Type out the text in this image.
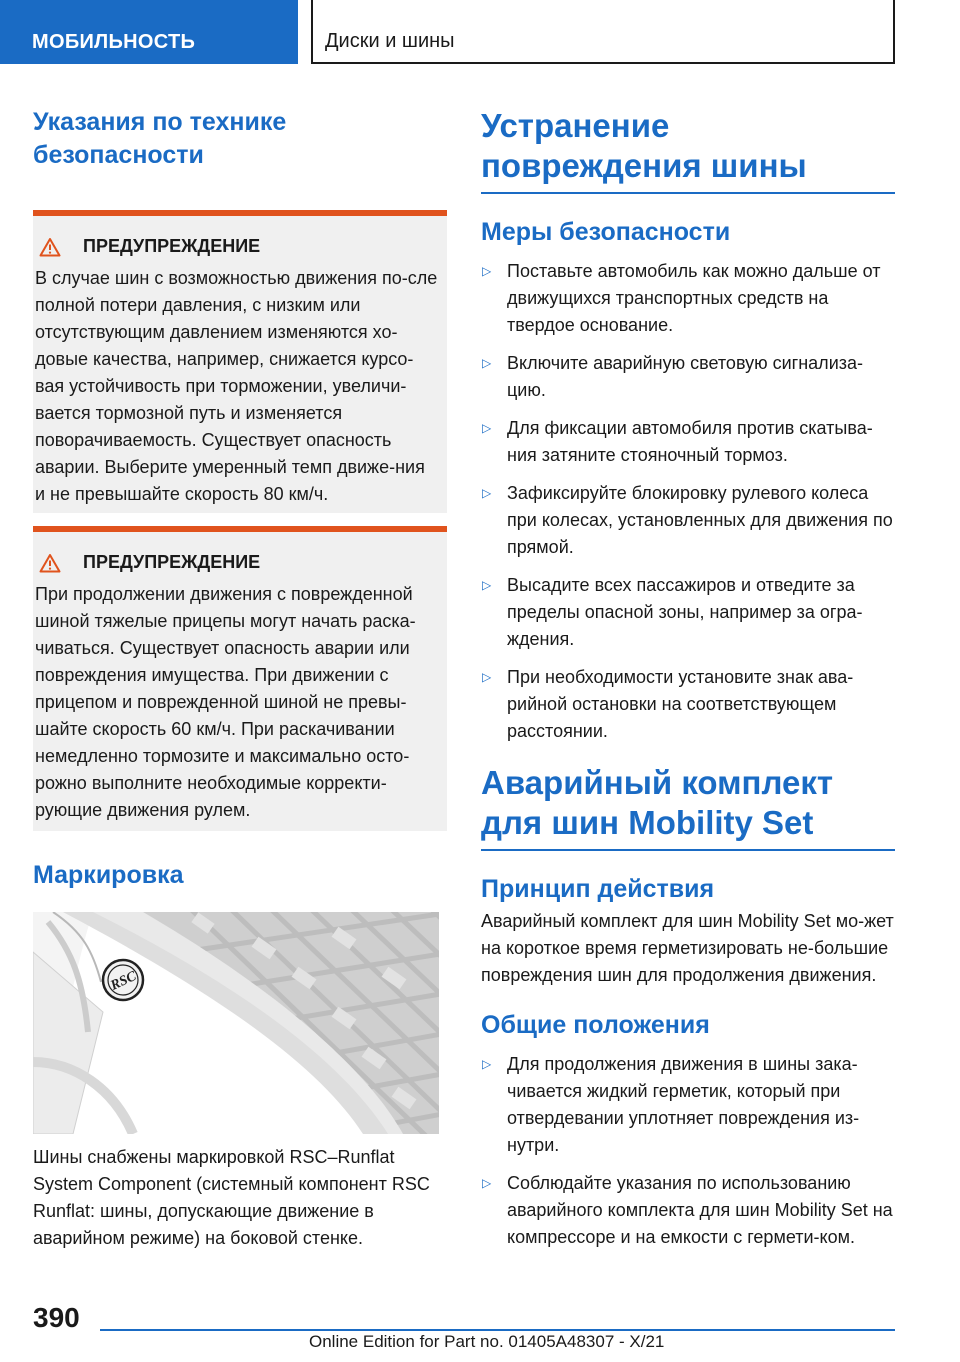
МОБИЛЬНОСТЬ	Диски и шины
Указания по технике безопасности
ПРЕДУПРЕЖДЕНИЕ
В случае шин с возможностью движения по-сле полной потери давления, с низким или отсутствующим давлением изменяются хо-довые качества, например, снижается курсо-вая устойчивость при торможении, увеличи-вается тормозной путь и изменяется поворачиваемость. Существует опасность аварии. Выберите умеренный темп движе-ния и не превышайте скорость 80 км/ч.
ПРЕДУПРЕЖДЕНИЕ
При продолжении движения с поврежденной шиной тяжелые прицепы могут начать раска-чиваться. Существует опасность аварии или повреждения имущества. При движении с прицепом и поврежденной шиной не превы-шайте скорость 60 км/ч. При раскачивании немедленно тормозите и максимально осто-рожно выполните необходимые корректи-рующие движения рулем.
Маркировка
RSC
Шины снабжены маркировкой RSC–Runflat System Component (системный компонент RSC Runflat: шины, допускающие движение в аварийном режиме) на боковой стенке.
Устранение повреждения шины
Меры безопасности
▷ Поставьте автомобиль как можно дальше от движущихся транспортных средств на твердое основание.
▷ Включите аварийную световую сигнализа-цию.
▷ Для фиксации автомобиля против скатыва-ния затяните стояночный тормоз.
▷ Зафиксируйте блокировку рулевого колеса при колесах, установленных для движения по прямой.
▷ Высадите всех пассажиров и отведите за пределы опасной зоны, например за огра-ждения.
▷ При необходимости установите знак ава-рийной остановки на соответствующем расстоянии.
Аварийный комплект для шин Mobility Set
Принцип действия
Аварийный комплект для шин Mobility Set мо-жет на короткое время герметизировать не-большие повреждения шин для продолжения движения.
Общие положения
▷ Для продолжения движения в шины зака-чивается жидкий герметик, который при отвердевании уплотняет повреждения из-нутри.
▷ Соблюдайте указания по использованию аварийного комплекта для шин Mobility Set на компрессоре и на емкости с гермети-ком.
390
Online Edition for Part no. 01405A48307 - X/21
